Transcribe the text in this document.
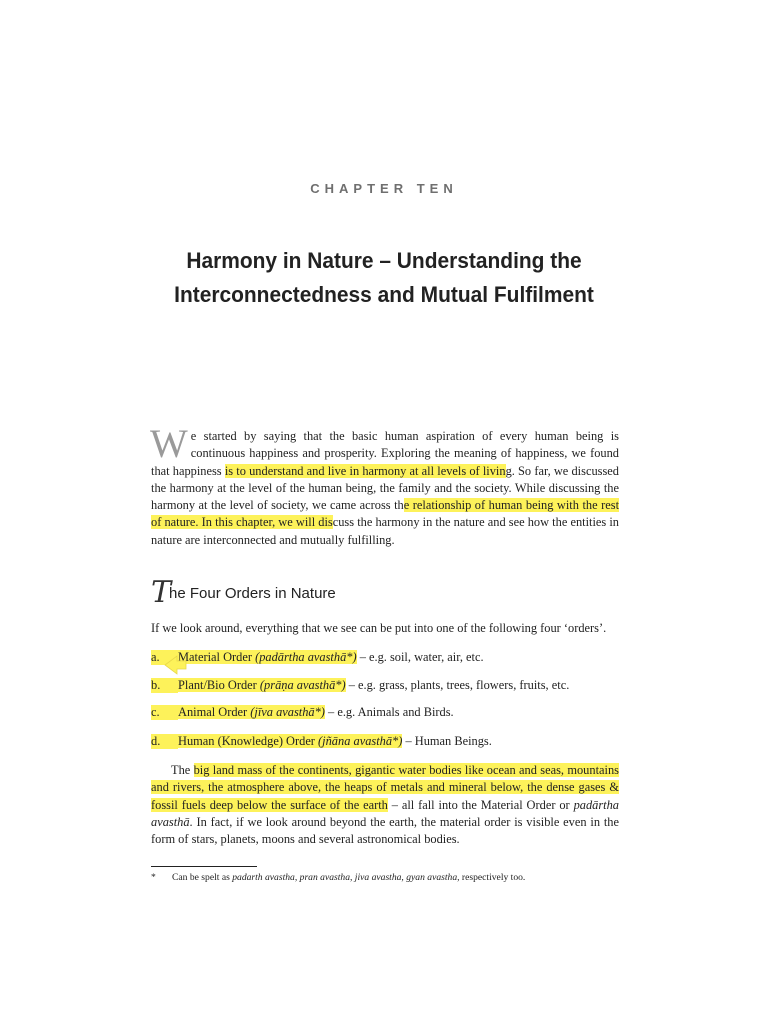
CHAPTER TEN
Harmony in Nature – Understanding the
Interconnectedness and Mutual Fulfilment
We started by saying that the basic human aspiration of every human being is continuous happiness and prosperity. Exploring the meaning of happiness, we found that happiness is to understand and live in harmony at all levels of living. So far, we discussed the harmony at the level of the human being, the family and the society. While discussing the harmony at the level of society, we came across the relationship of human being with the rest of nature. In this chapter, we will discuss the harmony in the nature and see how the entities in nature are interconnected and mutually fulfilling.
The Four Orders in Nature
If we look around, everything that we see can be put into one of the following four ‘orders’.
a. Material Order (padārtha avasthā*) – e.g. soil, water, air, etc.
b. Plant/Bio Order (prāṇa avasthā*) – e.g. grass, plants, trees, flowers, fruits, etc.
c. Animal Order (jīva avasthā*) – e.g. Animals and Birds.
d. Human (Knowledge) Order (jñāna avasthā*) – Human Beings.
The big land mass of the continents, gigantic water bodies like ocean and seas, mountains and rivers, the atmosphere above, the heaps of metals and mineral below, the dense gases & fossil fuels deep below the surface of the earth – all fall into the Material Order or padārtha avasthā. In fact, if we look around beyond the earth, the material order is visible even in the form of stars, planets, moons and several astronomical bodies.
* Can be spelt as padarth avastha, pran avastha, jiva avastha, gyan avastha, respectively too.
